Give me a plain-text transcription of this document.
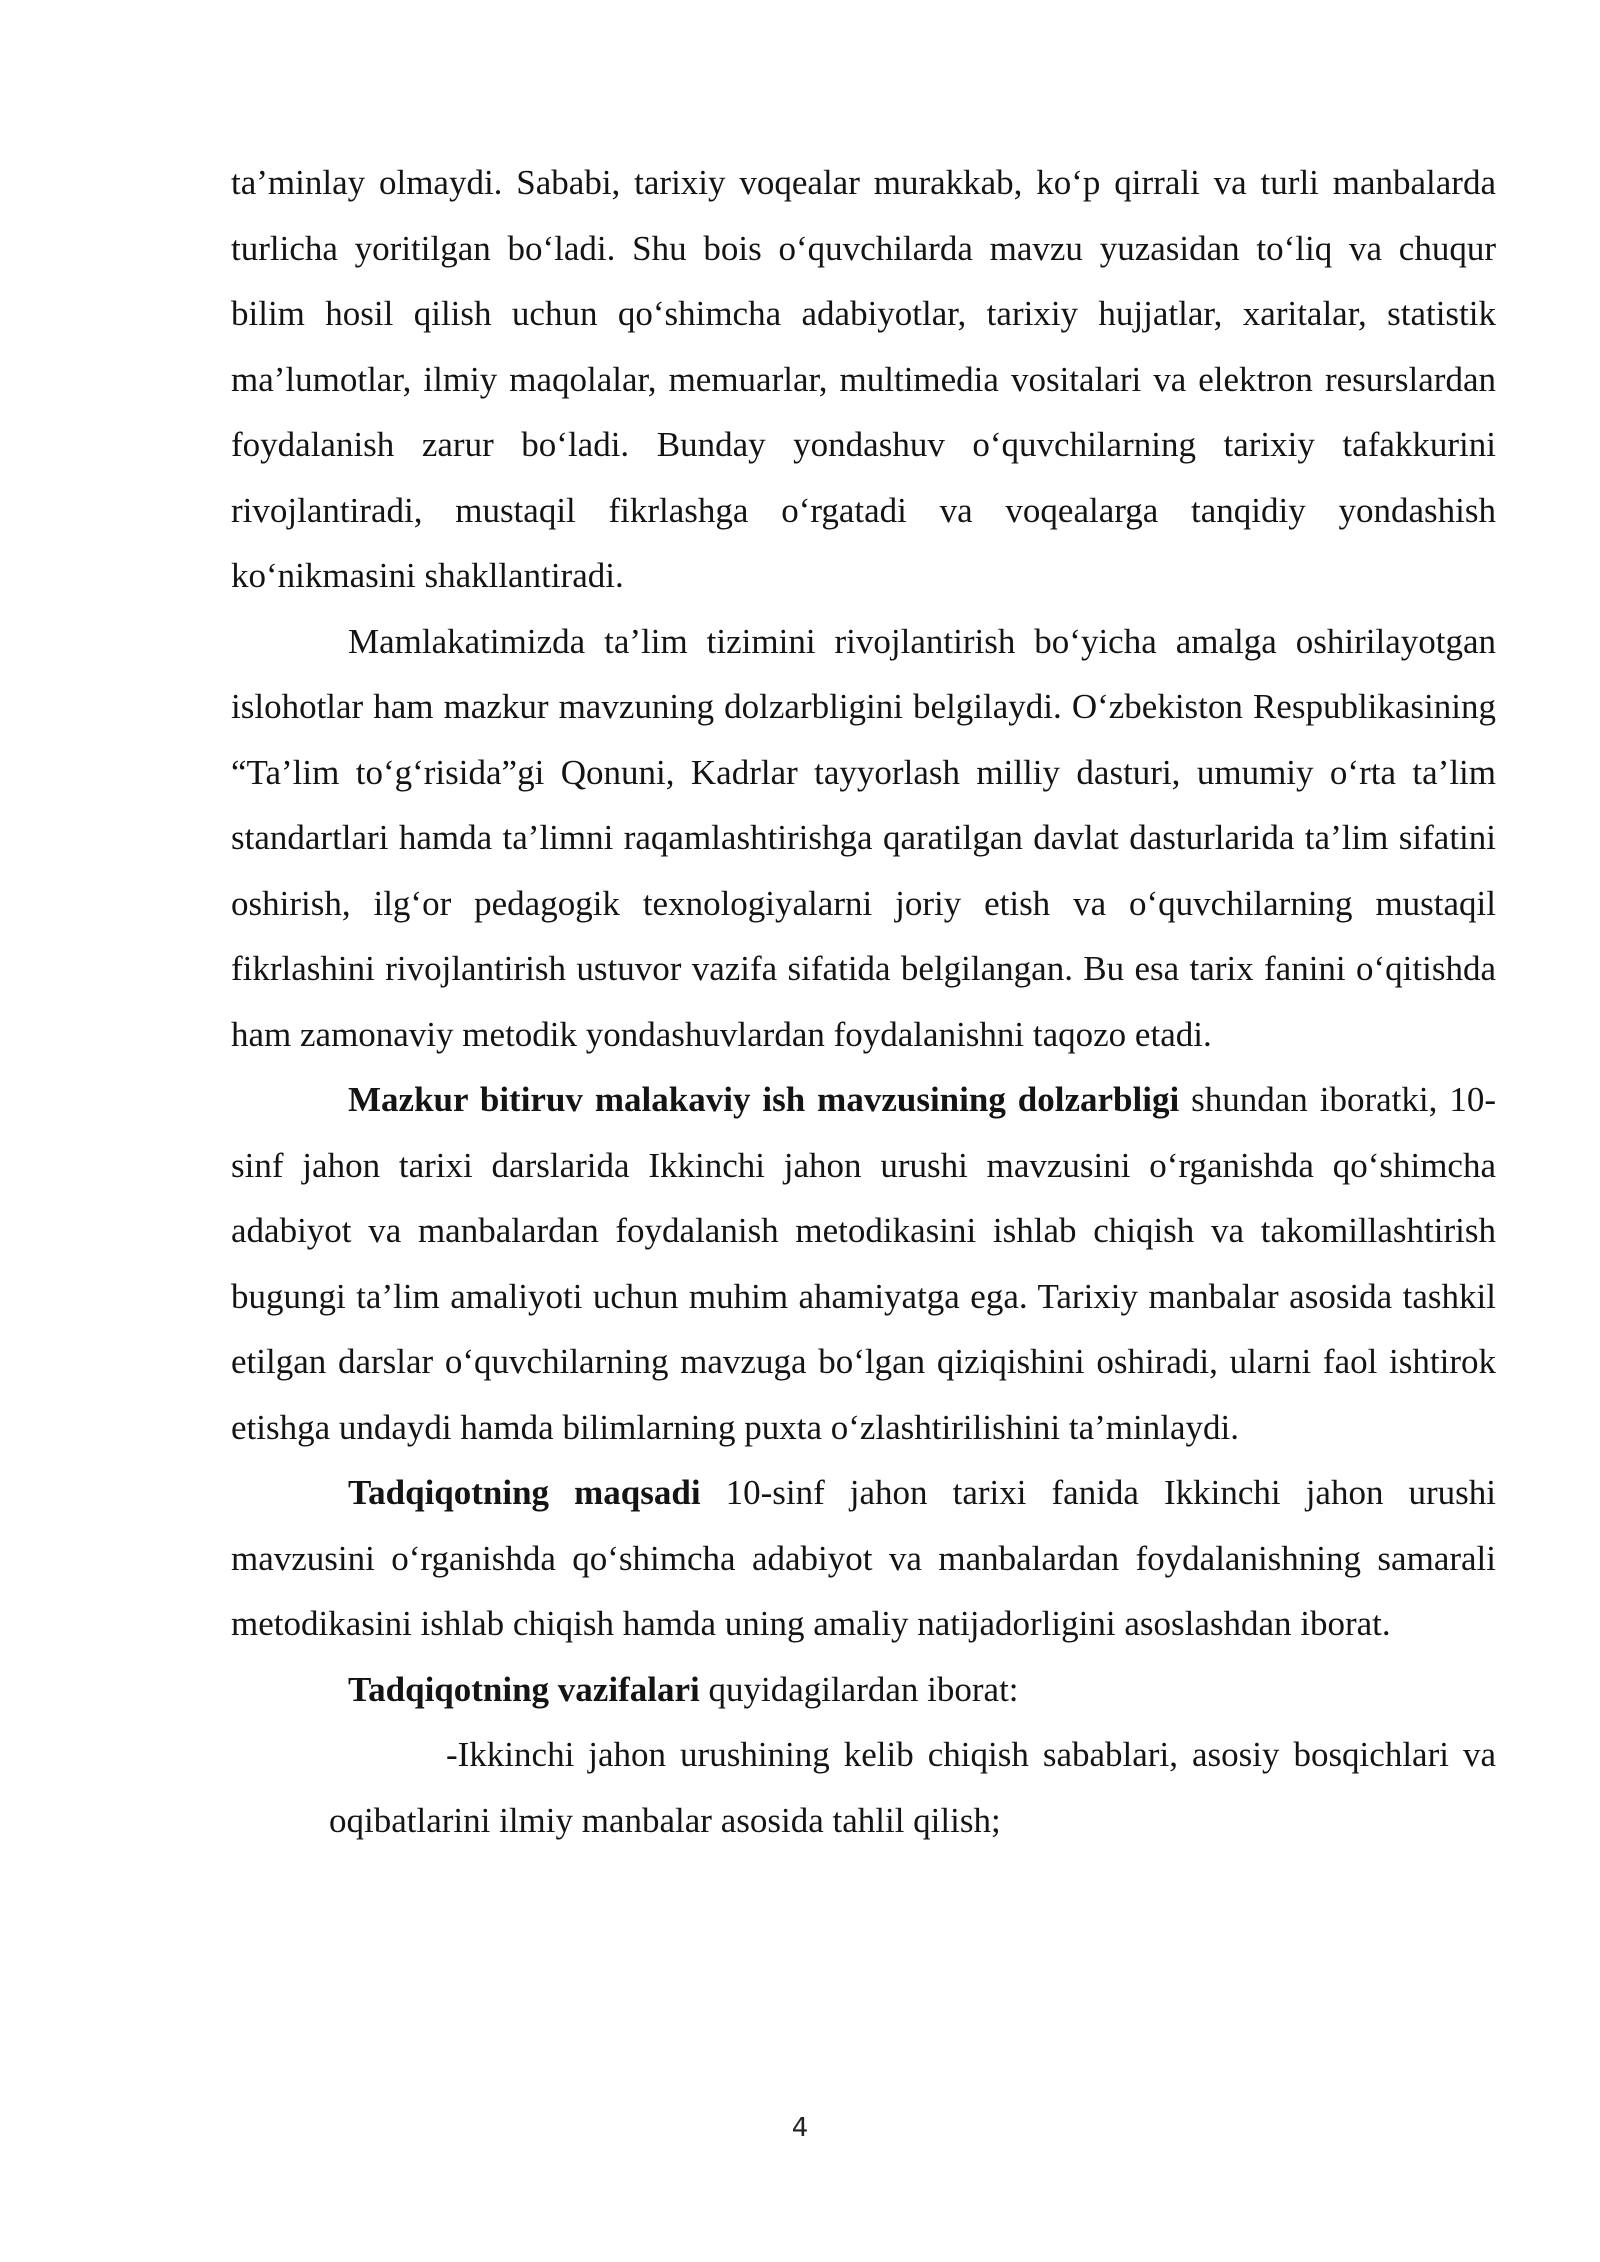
ta’minlay olmaydi. Sababi, tarixiy voqealar murakkab, ko‘p qirrali va turli manbalarda turlicha yoritilgan bo‘ladi. Shu bois o‘quvchilarda mavzu yuzasidan to‘liq va chuqur bilim hosil qilish uchun qo‘shimcha adabiyotlar, tarixiy hujjatlar, xaritalar, statistik ma’lumotlar, ilmiy maqolalar, memuarlar, multimedia vositalari va elektron resurslardan foydalanish zarur bo‘ladi. Bunday yondashuv o‘quvchilarning tarixiy tafakkurini rivojlantiradi, mustaqil fikrlashga o‘rgatadi va voqealarga tanqidiy yondashish ko‘nikmasini shakllantiradi.

Mamlakatimizda ta’lim tizimini rivojlantirish bo‘yicha amalga oshirilayotgan islohotlar ham mazkur mavzuning dolzarbligini belgilaydi. O‘zbekiston Respublikasining “Ta’lim to‘g‘risida”gi Qonuni, Kadrlar tayyorlash milliy dasturi, umumiy o‘rta ta’lim standartlari hamda ta’limni raqamlashtirishga qaratilgan davlat dasturlarida ta’lim sifatini oshirish, ilg‘or pedagogik texnologiyalarni joriy etish va o‘quvchilarning mustaqil fikrlashini rivojlantirish ustuvor vazifa sifatida belgilangan. Bu esa tarix fanini o‘qitishda ham zamonaviy metodik yondashuvlardan foydalanishni taqozo etadi.

Mazkur bitiruv malakaviy ish mavzusining dolzarbligi shundan iboratki, 10-sinf jahon tarixi darslarida Ikkinchi jahon urushi mavzusini o‘rganishda qo‘shimcha adabiyot va manbalardan foydalanish metodikasini ishlab chiqish va takomillashtirish bugungi ta’lim amaliyoti uchun muhim ahamiyatga ega. Tarixiy manbalar asosida tashkil etilgan darslar o‘quvchilarning mavzuga bo‘lgan qiziqishini oshiradi, ularni faol ishtirok etishga undaydi hamda bilimlarning puxta o‘zlashtirilishini ta’minlaydi.

Tadqiqotning maqsadi 10-sinf jahon tarixi fanida Ikkinchi jahon urushi mavzusini o‘rganishda qo‘shimcha adabiyot va manbalardan foydalanishning samarali metodikasini ishlab chiqish hamda uning amaliy natijadorligini asoslashdan iborat.

Tadqiqotning vazifalari quyidagilardan iborat:

-Ikkinchi jahon urushining kelib chiqish sabablari, asosiy bosqichlari va oqibatlarini ilmiy manbalar asosida tahlil qilish;

4
